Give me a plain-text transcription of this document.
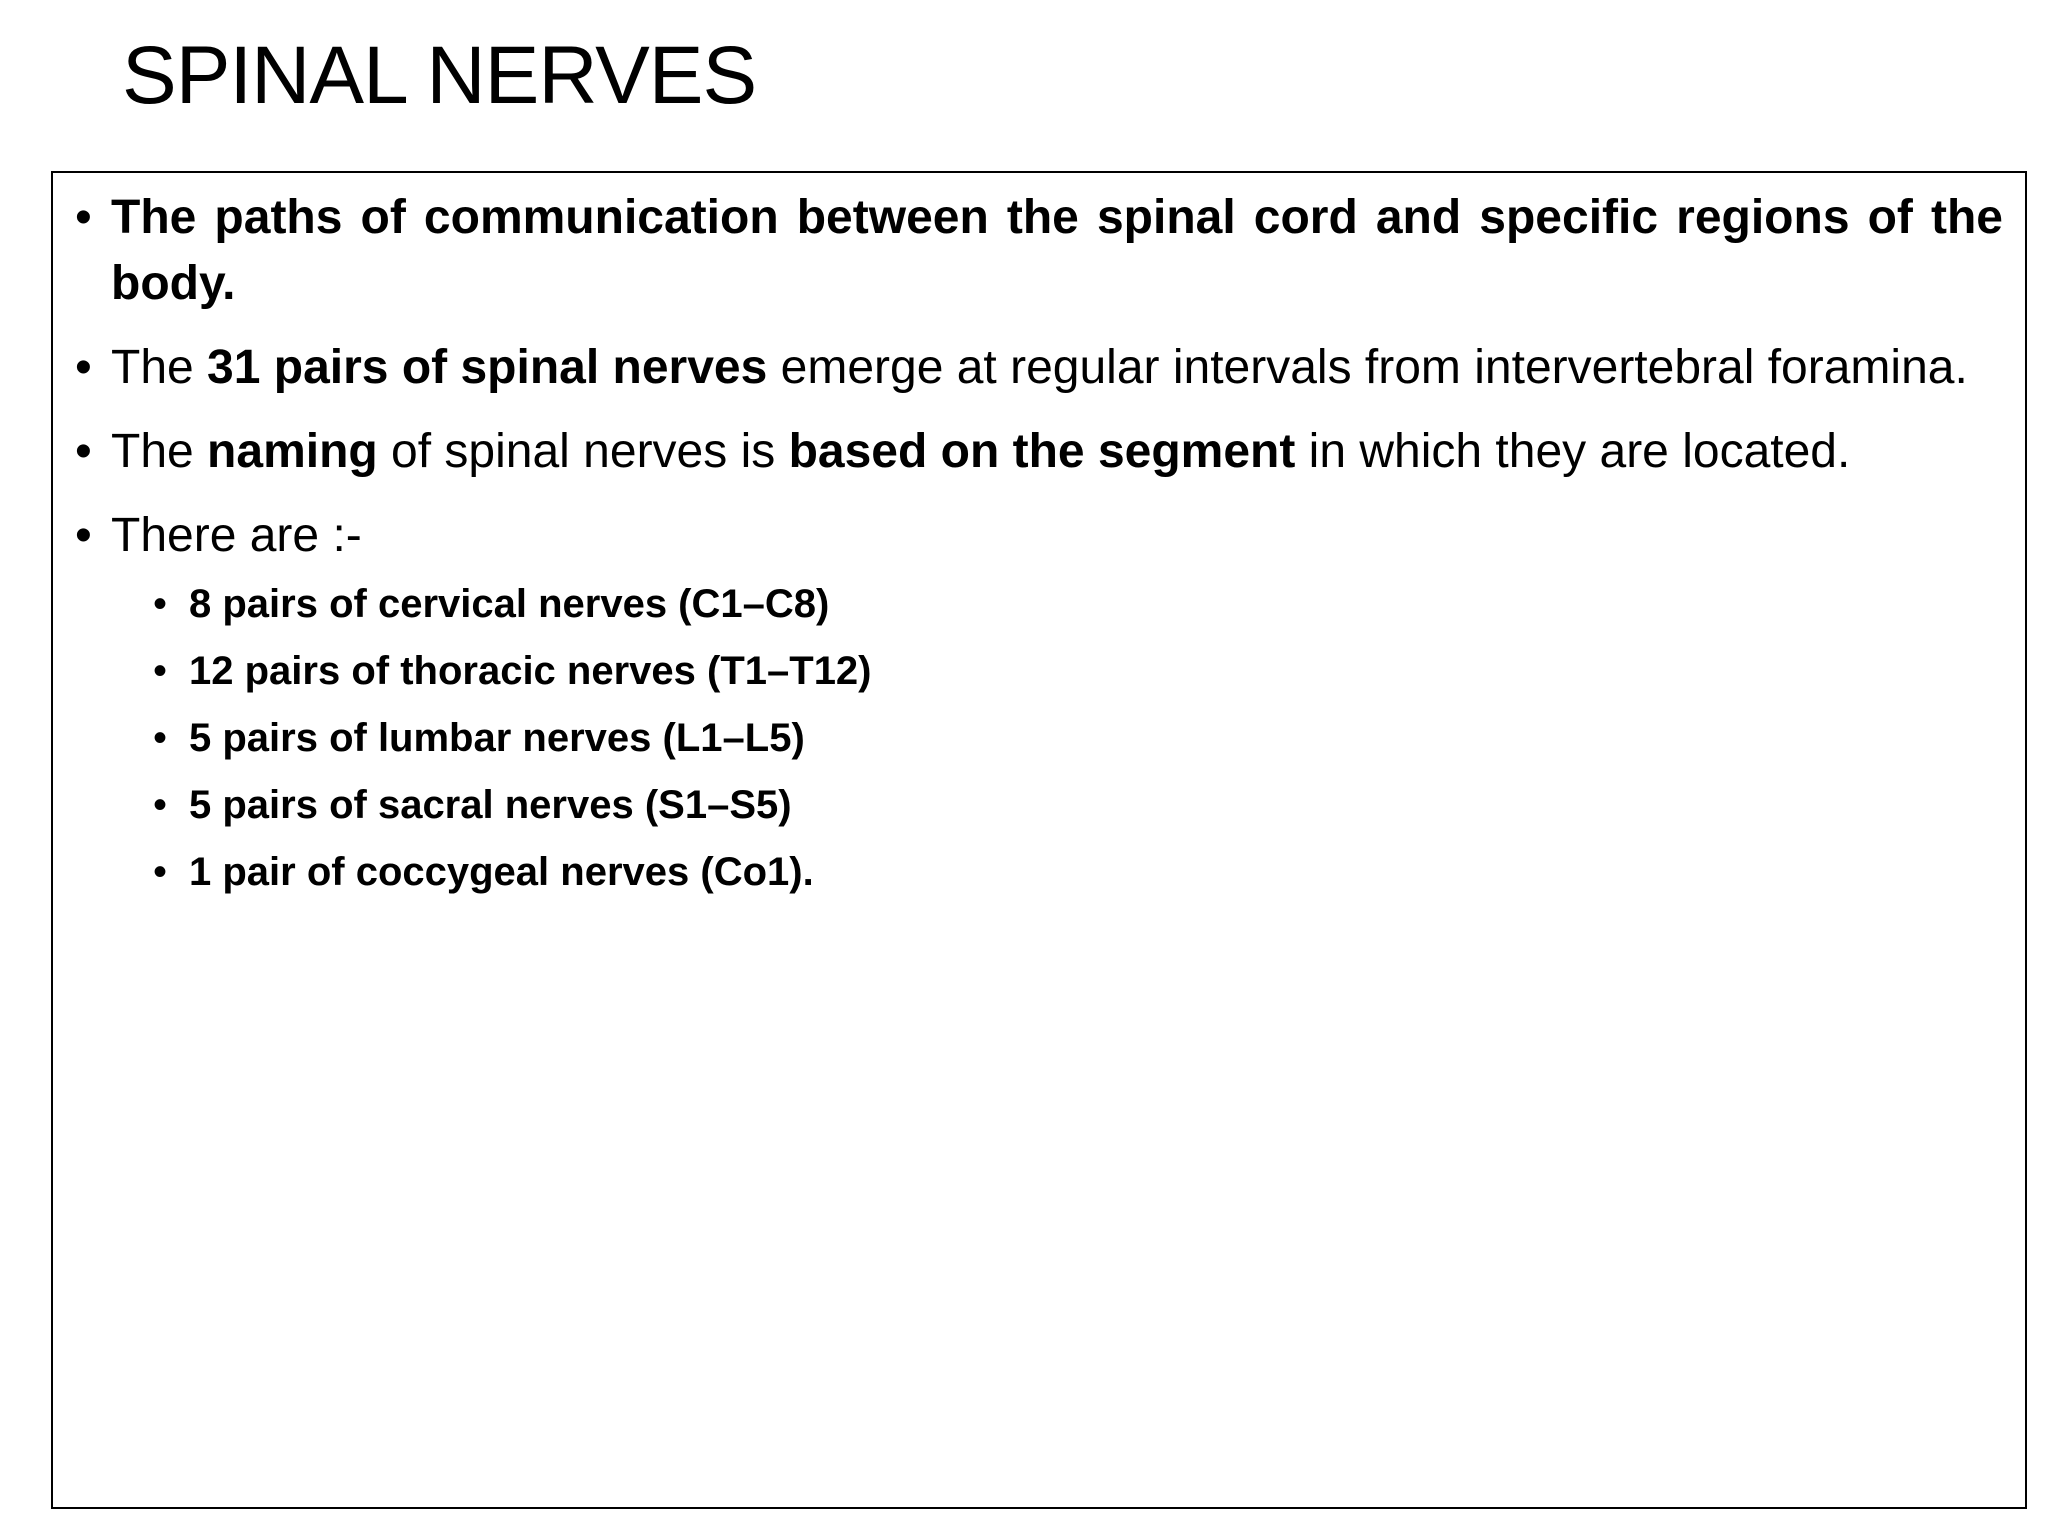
SPINAL NERVES
• The paths of communication between the spinal cord and specific regions of the body.
• The 31 pairs of spinal nerves emerge at regular intervals from intervertebral foramina.
• The naming of spinal nerves is based on the segment in which they are located.
• There are :-
• 8 pairs of cervical nerves (C1–C8)
• 12 pairs of thoracic nerves (T1–T12)
• 5 pairs of lumbar nerves (L1–L5)
• 5 pairs of sacral nerves (S1–S5)
• 1 pair of coccygeal nerves (Co1).
